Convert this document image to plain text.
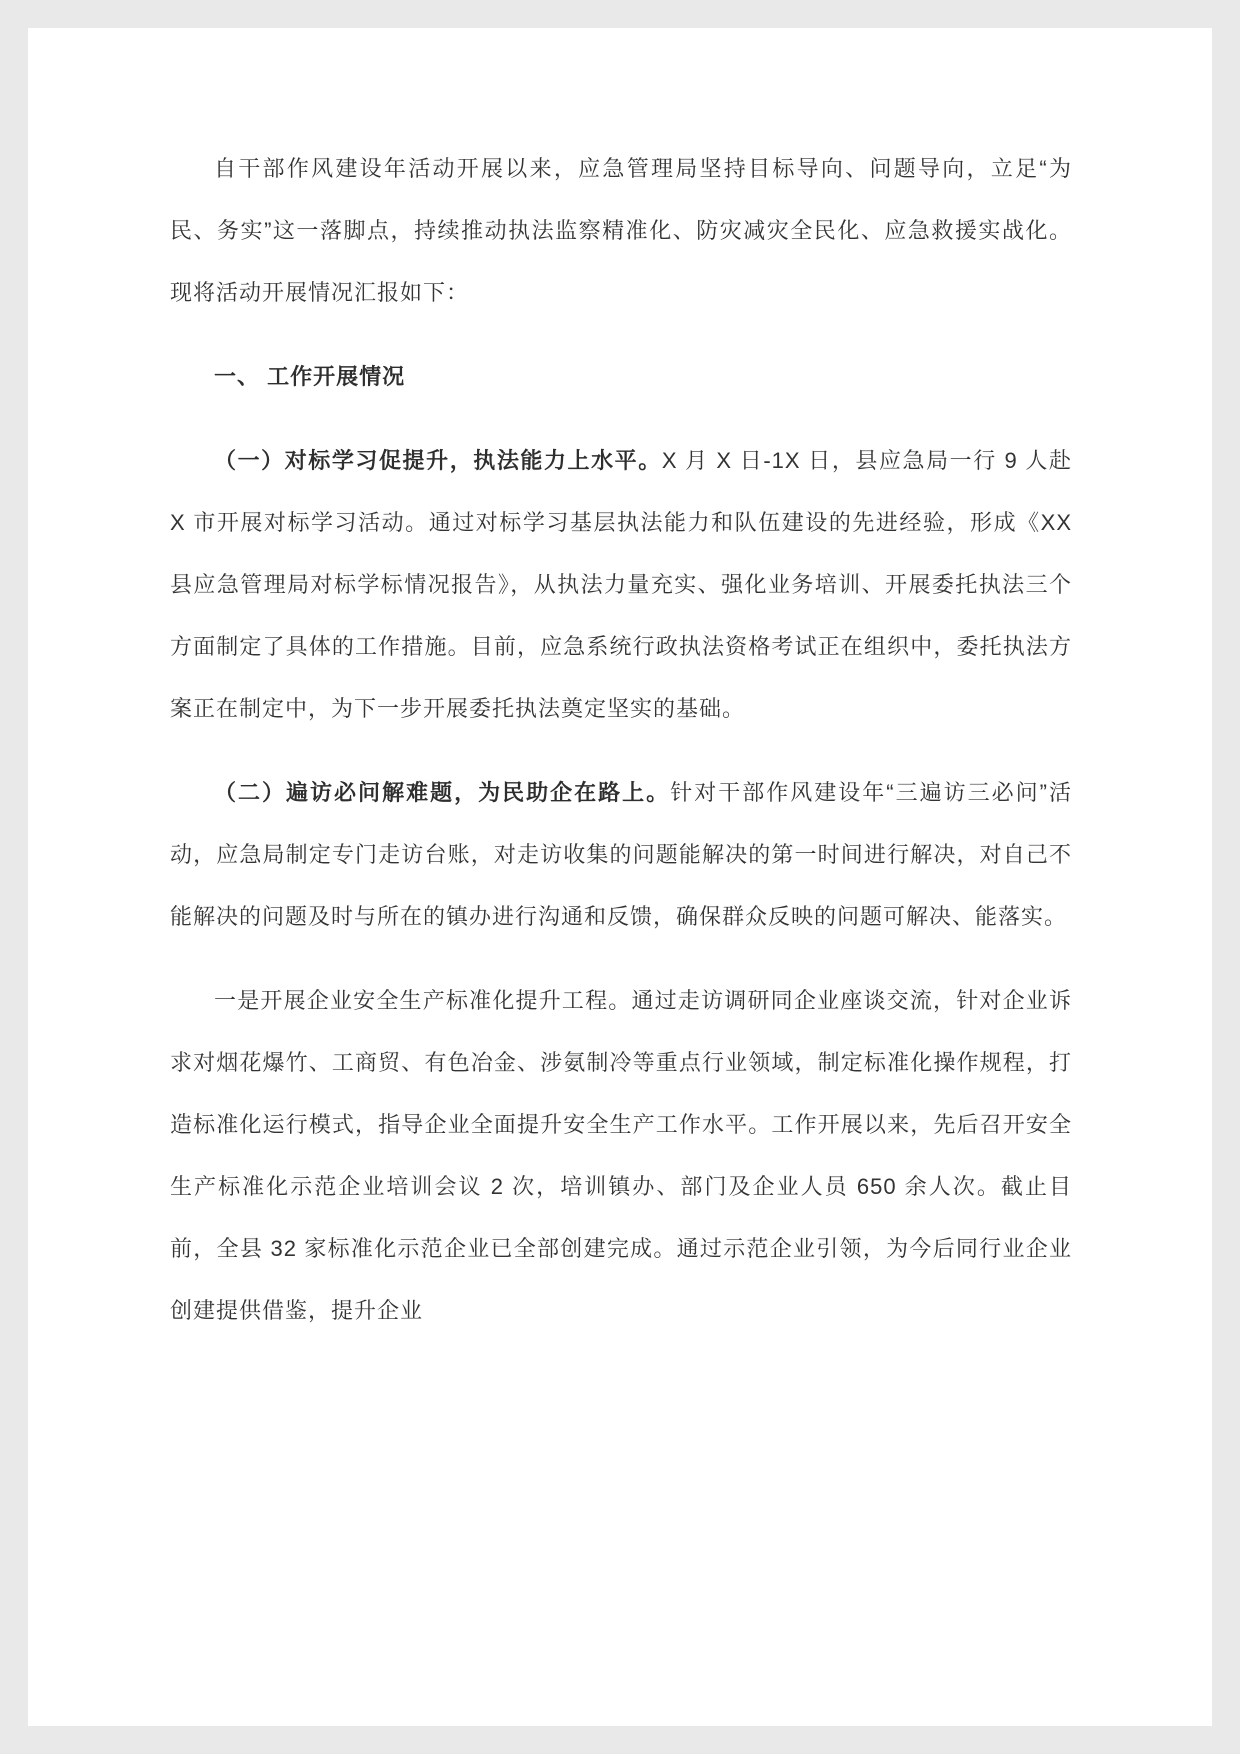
自干部作风建设年活动开展以来，应急管理局坚持目标导向、问题导向，立足“为民、务实”这一落脚点，持续推动执法监察精准化、防灾减灾全民化、应急救援实战化。现将活动开展情况汇报如下：

一、 工作开展情况

（一）对标学习促提升，执法能力上水平。X 月 X 日-1X 日，县应急局一行 9 人赴 X 市开展对标学习活动。通过对标学习基层执法能力和队伍建设的先进经验，形成《XX 县应急管理局对标学标情况报告》，从执法力量充实、强化业务培训、开展委托执法三个方面制定了具体的工作措施。目前，应急系统行政执法资格考试正在组织中，委托执法方案正在制定中，为下一步开展委托执法奠定坚实的基础。

（二）遍访必问解难题，为民助企在路上。针对干部作风建设年“三遍访三必问”活动，应急局制定专门走访台账，对走访收集的问题能解决的第一时间进行解决，对自己不能解决的问题及时与所在的镇办进行沟通和反馈，确保群众反映的问题可解决、能落实。

一是开展企业安全生产标准化提升工程。通过走访调研同企业座谈交流，针对企业诉求对烟花爆竹、工商贸、有色冶金、涉氨制冷等重点行业领域，制定标准化操作规程，打造标准化运行模式，指导企业全面提升安全生产工作水平。工作开展以来，先后召开安全生产标准化示范企业培训会议 2 次，培训镇办、部门及企业人员 650 余人次。截止目前，全县 32 家标准化示范企业已全部创建完成。通过示范企业引领，为今后同行业企业创建提供借鉴，提升企业
